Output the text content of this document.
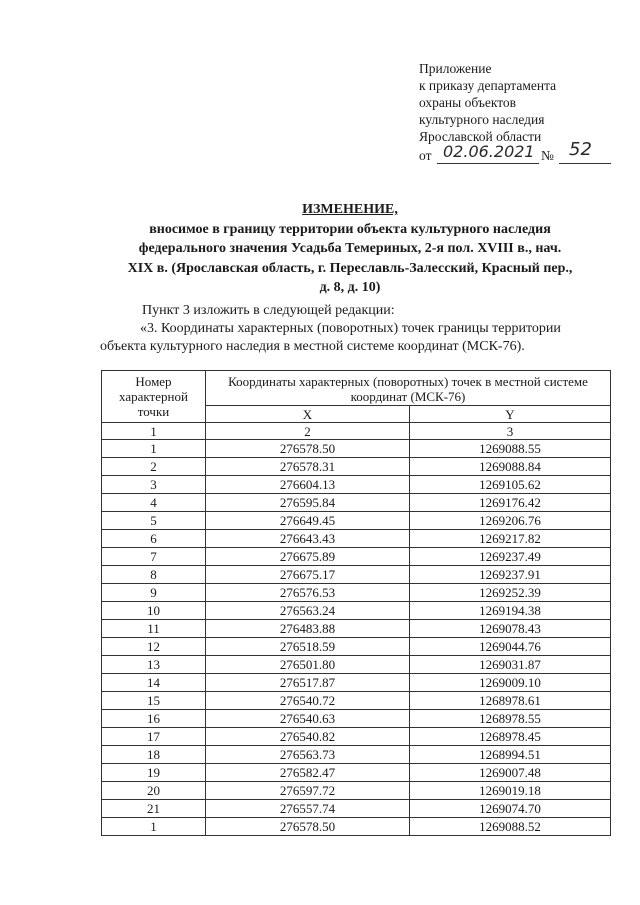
Приложение
к приказу департамента
охраны объектов
культурного наследия
Ярославской области
от 02.06.2021 № 52
ИЗМЕНЕНИЕ,
вносимое в границу территории объекта культурного наследия
федерального значения Усадьба Темериных, 2-я пол. XVIII в., нач.
XIX в. (Ярославская область, г. Переславль-Залесский, Красный пер.,
д. 8, д. 10)

Пункт 3 изложить в следующей редакции:

«3. Координаты характерных (поворотных) точек границы территории объекта культурного наследия в местной системе координат (МСК-76).

Номер характерной точки	Координаты характерных (поворотных) точек в местной системе координат (МСК-76)	
	X	Y
1	2	3
1	276578.50	1269088.55
2	276578.31	1269088.84
3	276604.13	1269105.62
4	276595.84	1269176.42
5	276649.45	1269206.76
6	276643.43	1269217.82
7	276675.89	1269237.49
8	276675.17	1269237.91
9	276576.53	1269252.39
10	276563.24	1269194.38
11	276483.88	1269078.43
12	276518.59	1269044.76
13	276501.80	1269031.87
14	276517.87	1269009.10
15	276540.72	1268978.61
16	276540.63	1268978.55
17	276540.82	1268978.45
18	276563.73	1268994.51
19	276582.47	1269007.48
20	276597.72	1269019.18
21	276557.74	1269074.70
1	276578.50	1269088.52
